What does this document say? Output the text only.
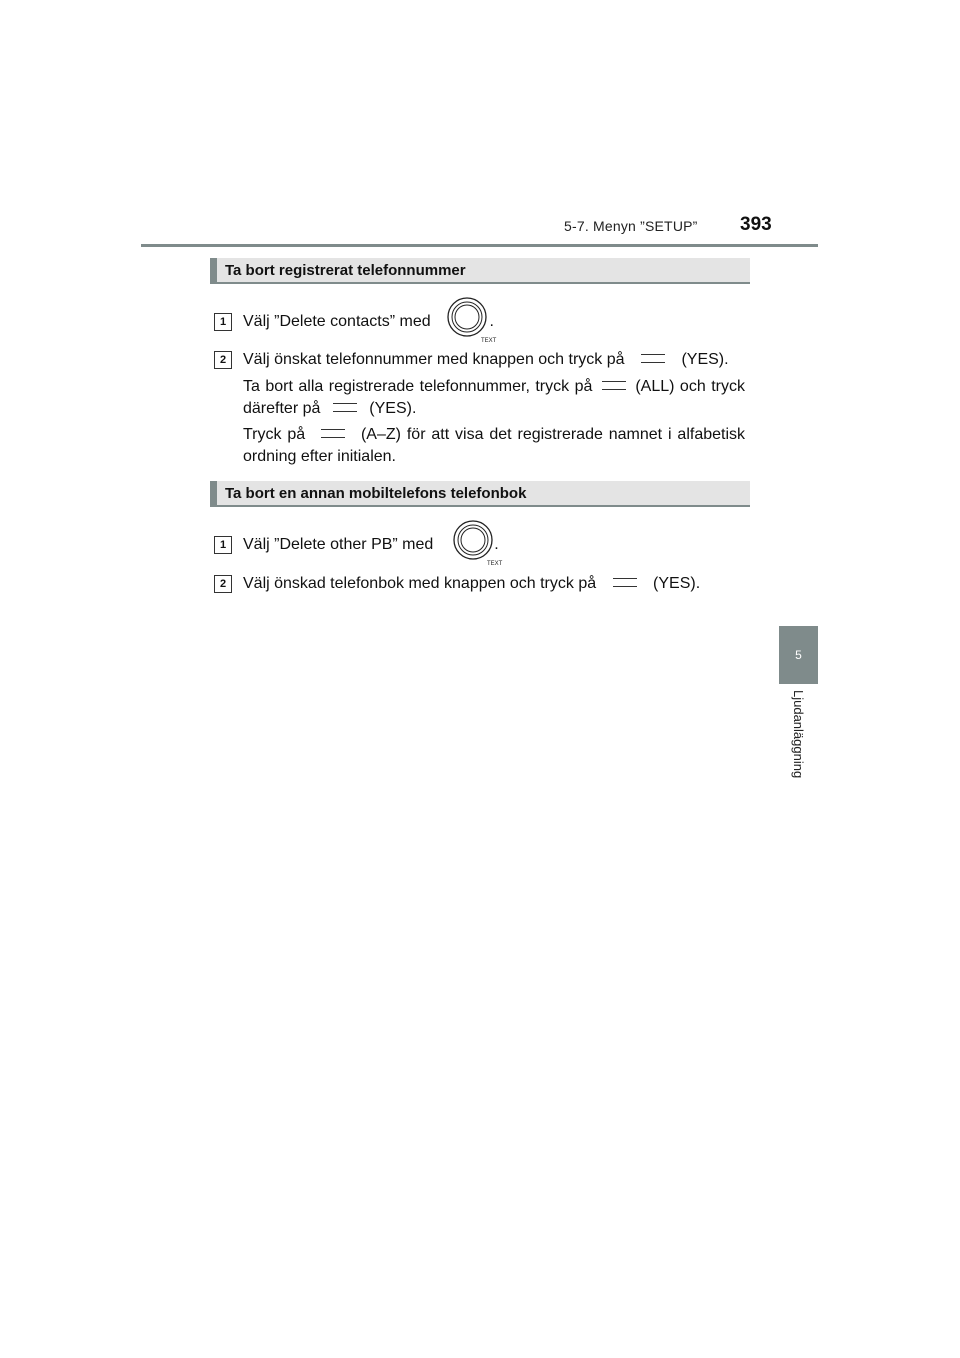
5-7. Menyn ”SETUP” 393
5
Ljudanläggning
Ta bort registrerat telefonnummer
1	Välj ”Delete contacts” med	.
TEXT
2	Välj önskat telefonnummer med knappen och tryck på	(YES).
Ta bort alla registrerade telefonnummer, tryck på	(ALL) och tryck
därefter på	(YES).
Tryck på	(A–Z) för att visa det registrerade namnet i alfabetisk
ordning efter initialen.
Ta bort en annan mobiltelefons telefonbok
1	Välj ”Delete other PB” med	.
TEXT
2	Välj önskad telefonbok med knappen och tryck på	(YES).
